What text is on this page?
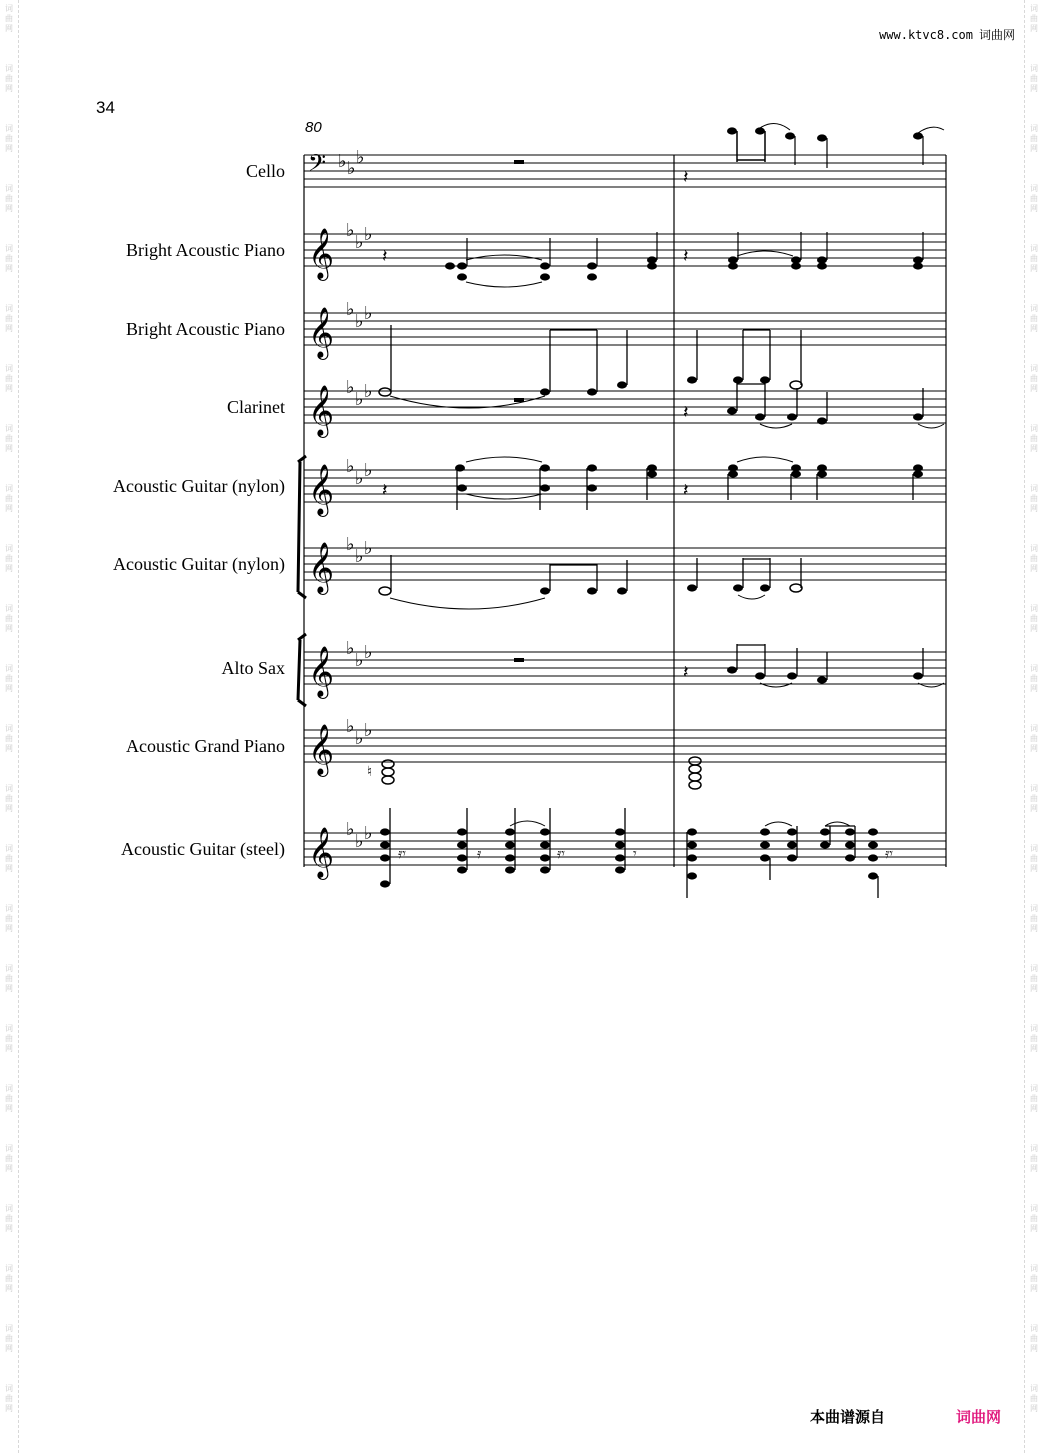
词
曲
网
词
曲
网
词
曲
网
词
曲
网
词
曲
网
词
曲
网
词
曲
网
词
曲
网
词
曲
网
词
曲
网
词
曲
网
词
曲
网
词
曲
网
词
曲
网
词
曲
网
词
曲
网
词
曲
网
词
曲
网
词
曲
网
词
曲
网
词
曲
网
词
曲
网
词
曲
网
词
曲
网
词
曲
网
词
曲
网
词
曲
网
词
曲
网
词
曲
网
词
曲
网
词
曲
网
词
曲
网
词
曲
网
词
曲
网
词
曲
网
词
曲
网
词
曲
网
词
曲
网
词
曲
网
词
曲
网
词
曲
网
词
曲
网
词
曲
网
词
曲
网
词
曲
网
词
曲
网
词
曲
网
词
曲
网
www.ktvc8.com 词曲网
34
80
Cello
Bright Acoustic Piano
Bright Acoustic Piano
Clarinet
Acoustic Guitar (nylon)
Acoustic Guitar (nylon)
Alto Sax
Acoustic Grand Piano
Acoustic Guitar (steel)
𝄢 ♭ ♭
♭
𝄽
𝄞 ♭
♭ ♭
𝄽	𝄽
𝄞 ♭
♭ ♭
𝄞 ♭
♭ ♭
𝄽
𝄞 ♭
♭ ♭
𝄽	𝄽
𝄞 ♭
♭ ♭
𝄞 ♭
♭ ♭
𝄽
𝄞 ♭
♭ ♭
♮
𝄞 ♭
♭ ♭
𝄿𝄾	𝄿	𝄿𝄾	𝄾	𝄿𝄾
本曲谱源自	词曲网
